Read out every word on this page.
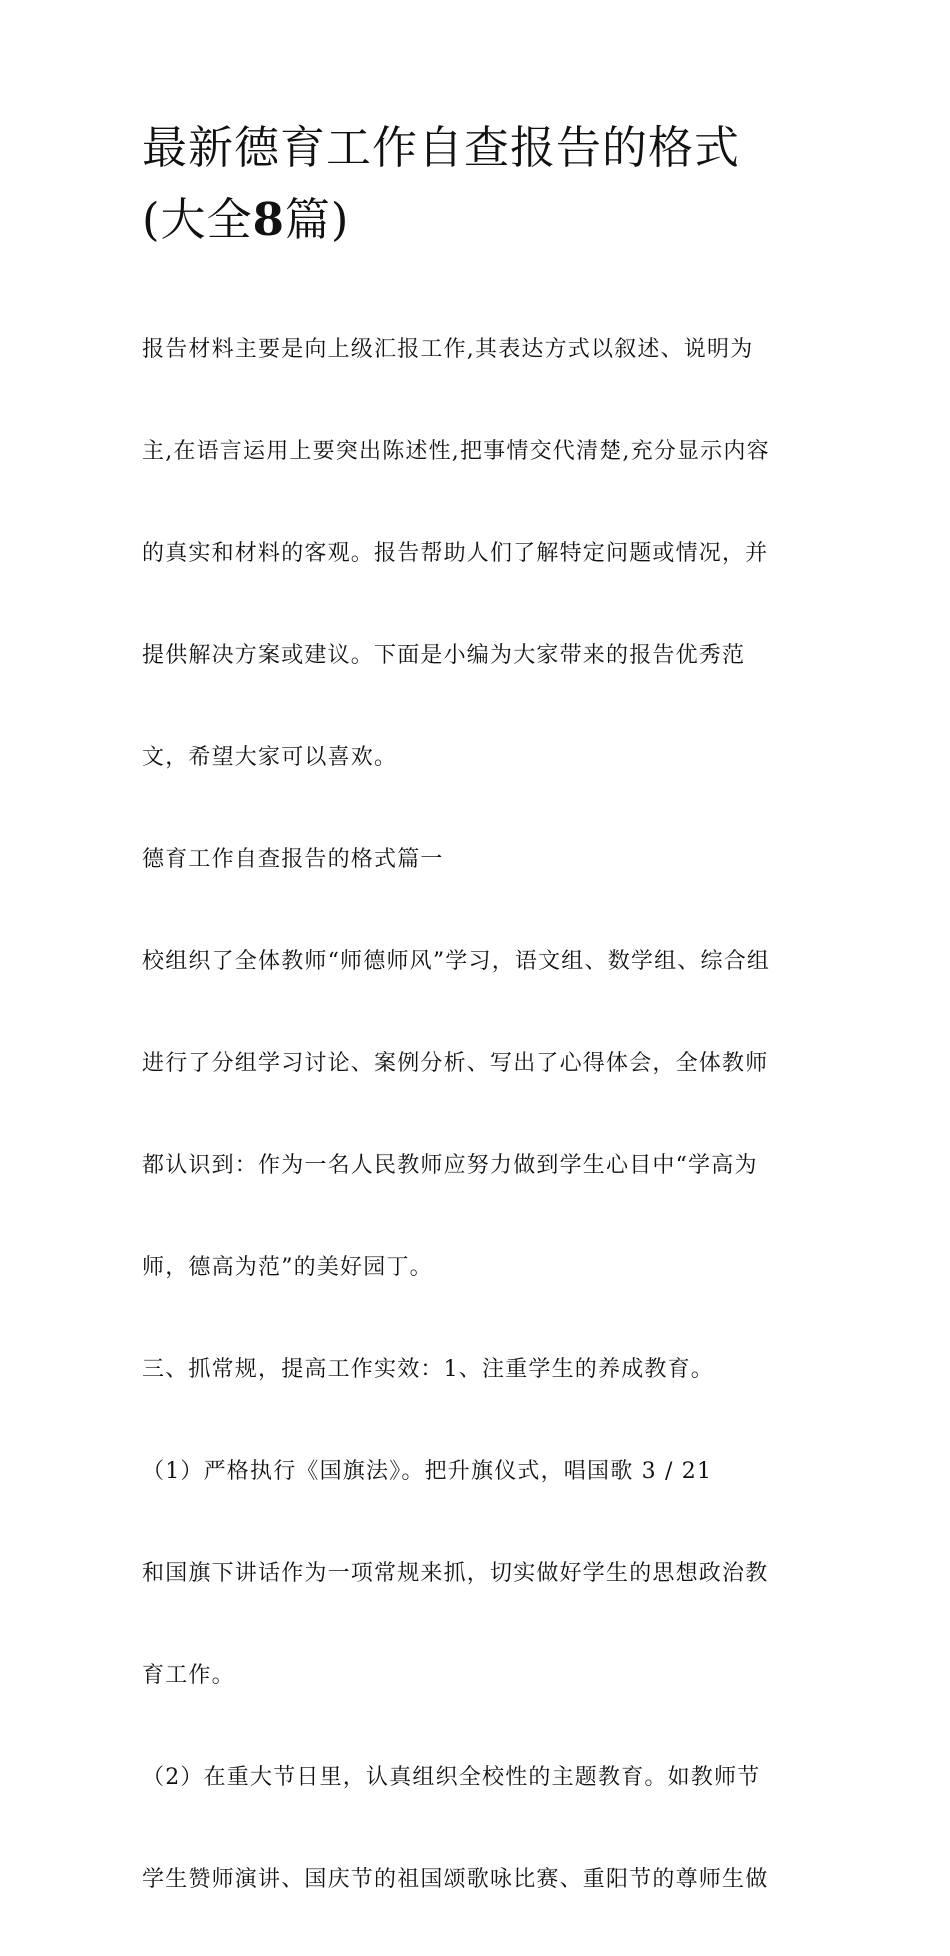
最新德育工作自查报告的格式
(大全8篇)

报告材料主要是向上级汇报工作,其表达方式以叙述、说明为

主,在语言运用上要突出陈述性,把事情交代清楚,充分显示内容

的真实和材料的客观。报告帮助人们了解特定问题或情况，并

提供解决方案或建议。下面是小编为大家带来的报告优秀范

文，希望大家可以喜欢。

德育工作自查报告的格式篇一

校组织了全体教师“师德师风”学习，语文组、数学组、综合组

进行了分组学习讨论、案例分析、写出了心得体会，全体教师

都认识到：作为一名人民教师应努力做到学生心目中“学高为

师，德高为范”的美好园丁。

三、抓常规，提高工作实效：1、注重学生的养成教育。

（1）严格执行《国旗法》。把升旗仪式，唱国歌 3 / 21

和国旗下讲话作为一项常规来抓，切实做好学生的思想政治教

育工作。

（2）在重大节日里，认真组织全校性的主题教育。如教师节

学生赞师演讲、国庆节的祖国颂歌咏比赛、重阳节的尊师生做
